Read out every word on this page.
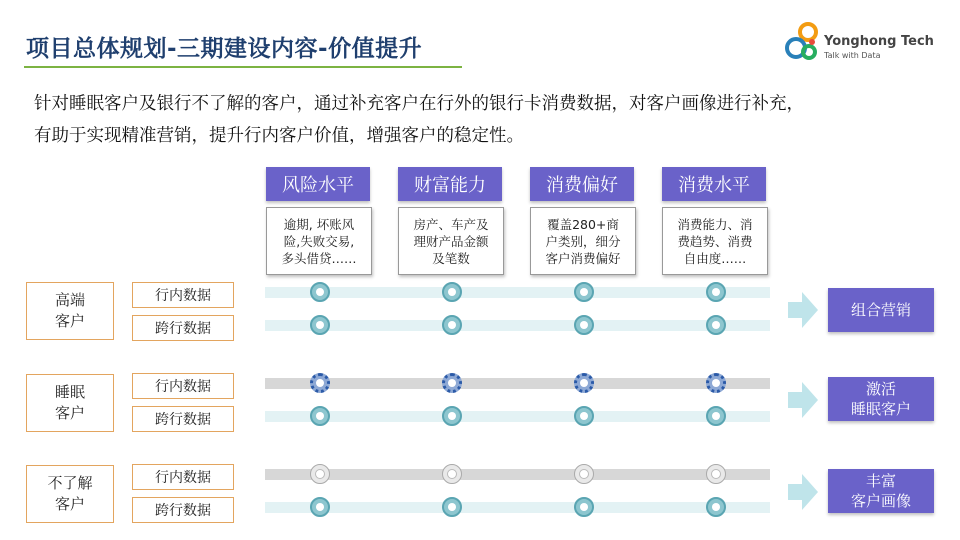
项目总体规划-三期建设内容-价值提升	Yonghong Tech
Talk with Data

针对睡眠客户及银行不了解的客户，通过补充客户在行外的银行卡消费数据，对客户画像进行补充，

有助于实现精准营销，提升行内客户价值，增强客户的稳定性。

风险水平	财富能力	消费偏好	消费水平
逾期, 坏账风
险,失败交易,
多头借贷……
房产、车产及
理财产品金额
及笔数
覆盖280+商
户类别，细分
客户消费偏好
消费能力、消
费趋势、消费
自由度……
高端
客户
行内数据
跨行数据
组合营销
睡眠
客户
行内数据
跨行数据
激活
睡眠客户
不了解
客户
行内数据
跨行数据
丰富
客户画像
